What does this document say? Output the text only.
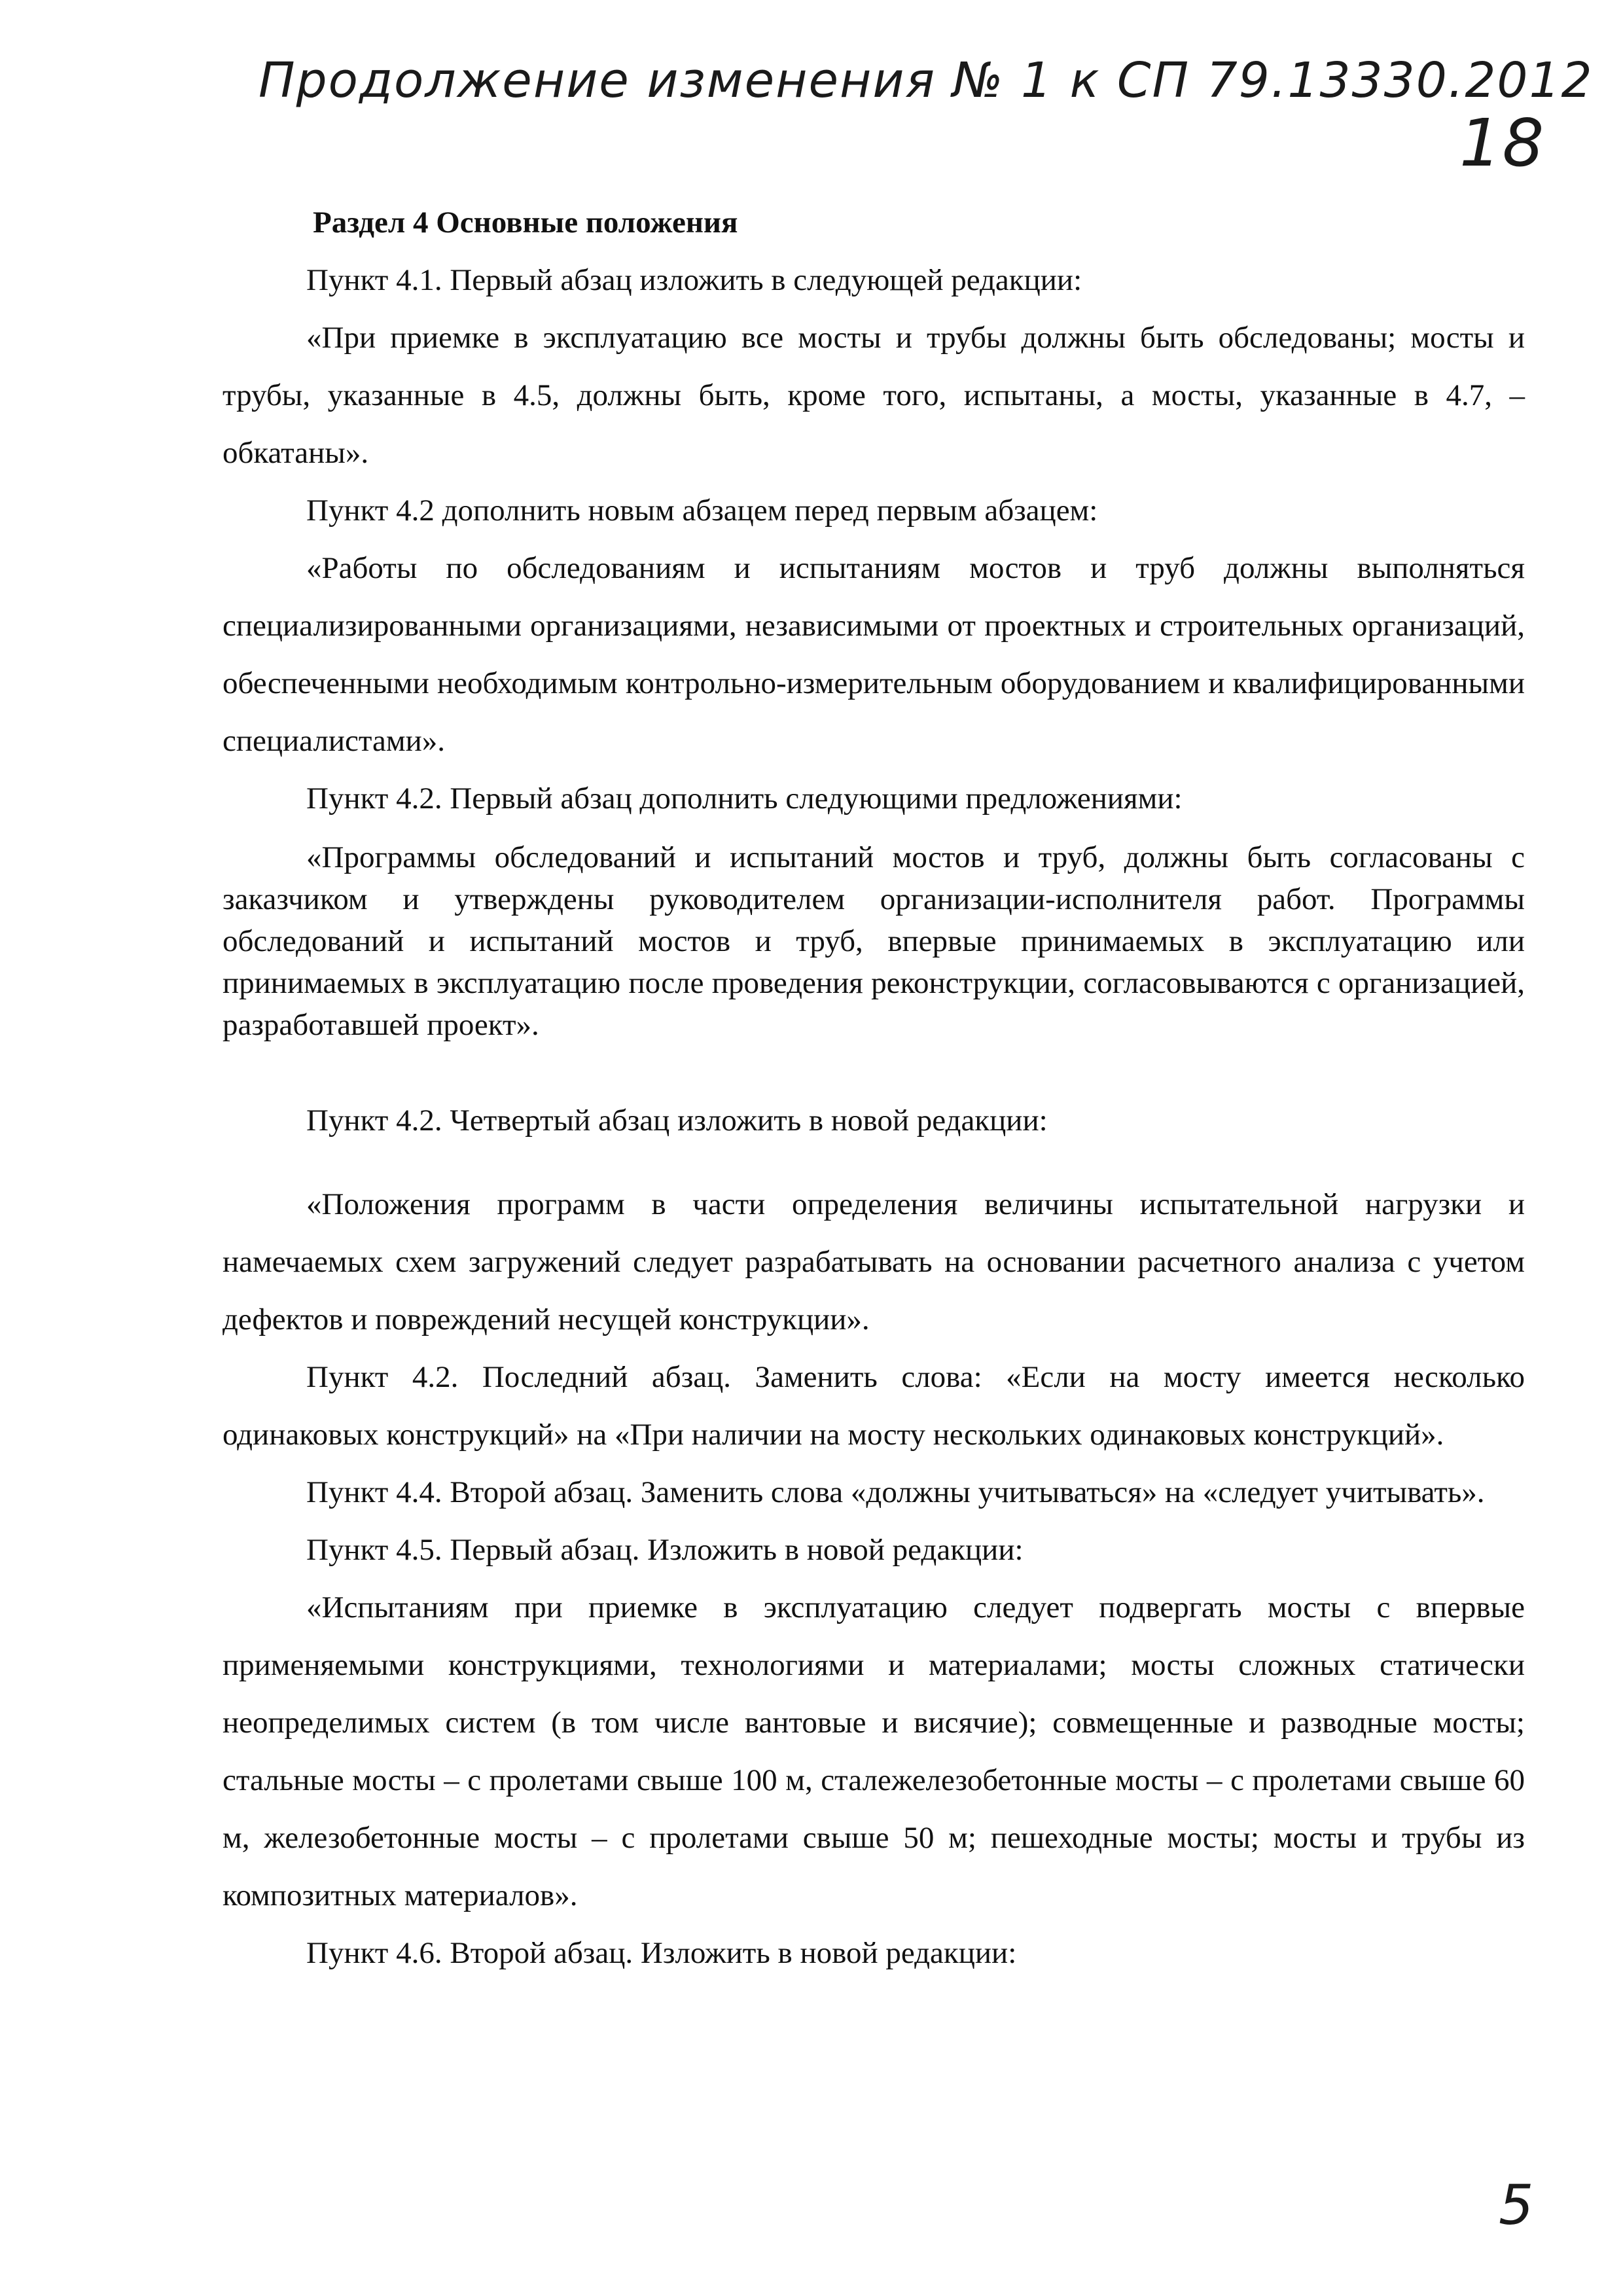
Продолжение изменения № 1 к СП 79.13330.2012
18

Раздел 4 Основные положения

Пункт 4.1. Первый абзац изложить в следующей редакции:

«При приемке в эксплуатацию все мосты и трубы должны быть обследованы; мосты и трубы, указанные в 4.5, должны быть, кроме того, испытаны, а мосты, указанные в 4.7, – обкатаны».

Пункт 4.2 дополнить новым абзацем перед первым абзацем:

«Работы по обследованиям и испытаниям мостов и труб должны выполняться специализированными организациями, независимыми от проектных и строительных организаций, обеспеченными необходимым контрольно-измерительным оборудованием и квалифицированными специалистами».

Пункт 4.2. Первый абзац дополнить следующими предложениями:

«Программы обследований и испытаний мостов и труб, должны быть согласованы с заказчиком и утверждены руководителем организации-исполнителя работ. Программы обследований и испытаний мостов и труб, впервые принимаемых в эксплуатацию или принимаемых в эксплуатацию после проведения реконструкции, согласовываются с организацией, разработавшей проект».

Пункт 4.2. Четвертый абзац изложить в новой редакции:

«Положения программ в части определения величины испытательной нагрузки и намечаемых схем загружений следует разрабатывать на основании расчетного анализа с учетом дефектов и повреждений несущей конструкции».

Пункт 4.2. Последний абзац. Заменить слова: «Если на мосту имеется несколько одинаковых конструкций» на «При наличии на мосту нескольких одинаковых конструкций».

Пункт 4.4. Второй абзац. Заменить слова «должны учитываться» на «следует учитывать».

Пункт 4.5. Первый абзац. Изложить в новой редакции:

«Испытаниям при приемке в эксплуатацию следует подвергать мосты с впервые применяемыми конструкциями, технологиями и материалами; мосты сложных статически неопределимых систем (в том числе вантовые и висячие); совмещенные и разводные мосты; стальные мосты – с пролетами свыше 100 м, сталежелезобетонные мосты – с пролетами свыше 60 м, железобетонные мосты – с пролетами свыше 50 м; пешеходные мосты; мосты и трубы из композитных материалов».

Пункт 4.6. Второй абзац. Изложить в новой редакции:

5
